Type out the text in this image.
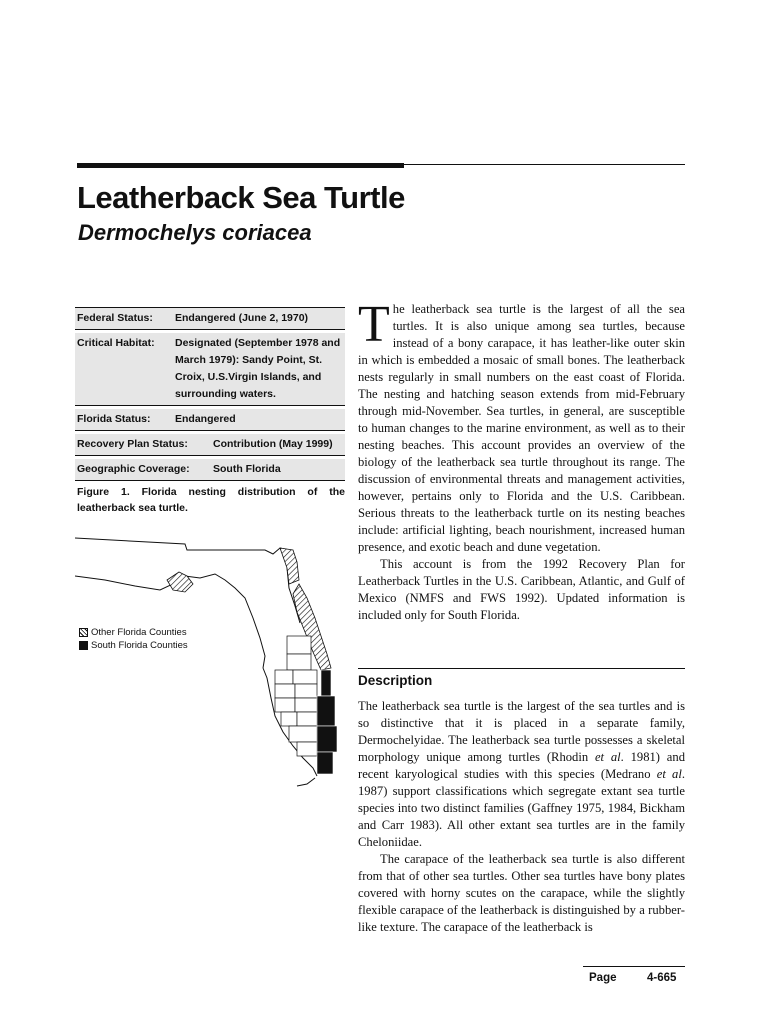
Leatherback Sea Turtle
Dermochelys coriacea
Federal Status:	Endangered (June 2, 1970)
Critical Habitat:	Designated (September 1978 and March 1979): Sandy Point, St. Croix, U.S.Virgin Islands, and surrounding waters.
Florida Status:	Endangered
Recovery Plan Status:	Contribution (May 1999)
Geographic Coverage:	South Florida

Figure 1. Florida nesting distribution of the leatherback sea turtle.

Other Florida Counties
South Florida Counties

The leatherback sea turtle is the largest of all the sea turtles. It is also unique among sea turtles, because instead of a bony carapace, it has leather-like outer skin in which is embedded a mosaic of small bones. The leatherback nests regularly in small numbers on the east coast of Florida. The nesting and hatching season extends from mid-February through mid-November. Sea turtles, in general, are susceptible to human changes to the marine environment, as well as to their nesting beaches. This account provides an overview of the biology of the leatherback sea turtle throughout its range. The discussion of environmental threats and management activities, however, pertains only to Florida and the U.S. Caribbean. Serious threats to the leatherback turtle on its nesting beaches include: artificial lighting, beach nourishment, increased human presence, and exotic beach and dune vegetation.

This account is from the 1992 Recovery Plan for Leatherback Turtles in the U.S. Caribbean, Atlantic, and Gulf of Mexico (NMFS and FWS 1992). Updated information is included only for South Florida.

Description

The leatherback sea turtle is the largest of the sea turtles and is so distinctive that it is placed in a separate family, Dermochelyidae. The leatherback sea turtle possesses a skeletal morphology unique among turtles (Rhodin et al. 1981) and recent karyological studies with this species (Medrano et al. 1987) support classifications which segregate extant sea turtle species into two distinct families (Gaffney 1975, 1984, Bickham and Carr 1983). All other extant sea turtles are in the family Cheloniidae.

The carapace of the leatherback sea turtle is also different from that of other sea turtles. Other sea turtles have bony plates covered with horny scutes on the carapace, while the slightly flexible carapace of the leatherback is distinguished by a rubber-like texture. The carapace of the leatherback is

Page	4-665
